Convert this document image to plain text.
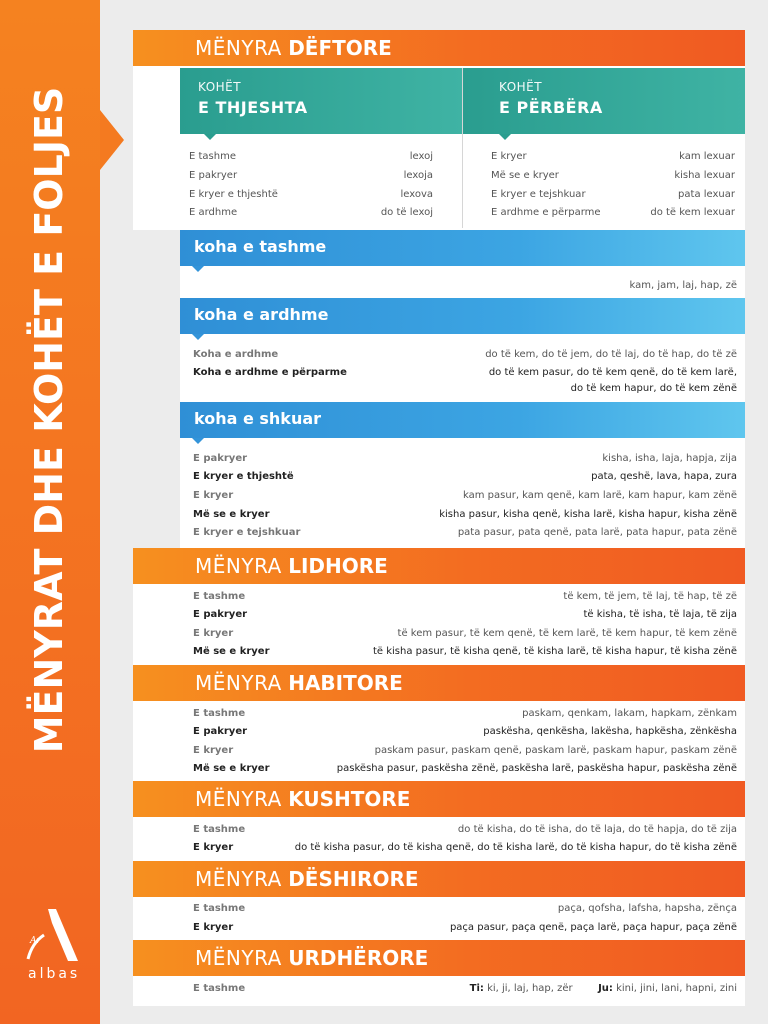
MËNYRAT DHE KOHËT E FOLJES
Ar
albas
MËNYRA DËFTORE
KOHËT
E THJESHTA
KOHËT
E PËRBËRA
E tashme	lexoj
E pakryer	lexoja
E kryer e thjeshtë	lexova
E ardhme	do të lexoj
E kryer	kam lexuar
Më se e kryer	kisha lexuar
E kryer e tejshkuar	pata lexuar
E ardhme e përparme	do të kem lexuar
koha e tashme
kam, jam, laj, hap, zë
koha e ardhme
Koha e ardhme	do të kem, do të jem, do të laj, do të hap, do të zë
Koha e ardhme e përparme	do të kem pasur, do të kem qenë, do të kem larë,
do të kem hapur, do të kem zënë
koha e shkuar
E pakryer	kisha, isha, laja, hapja, zija
E kryer e thjeshtë	pata, qeshë, lava, hapa, zura
E kryer	kam pasur, kam qenë, kam larë, kam hapur, kam zënë
Më se e kryer	kisha pasur, kisha qenë, kisha larë, kisha hapur, kisha zënë
E kryer e tejshkuar	pata pasur, pata qenë, pata larë, pata hapur, pata zënë
MËNYRA LIDHORE
E tashme	të kem, të jem, të laj, të hap, të zë
E pakryer	të kisha, të isha, të laja, të zija
E kryer	të kem pasur, të kem qenë, të kem larë, të kem hapur, të kem zënë
Më se e kryer	të kisha pasur, të kisha qenë, të kisha larë, të kisha hapur, të kisha zënë
MËNYRA HABITORE
E tashme	paskam, qenkam, lakam, hapkam, zënkam
E pakryer	paskësha, qenkësha, lakësha, hapkësha, zënkësha
E kryer	paskam pasur, paskam qenë, paskam larë, paskam hapur, paskam zënë
Më se e kryer	paskësha pasur, paskësha zënë, paskësha larë, paskësha hapur, paskësha zënë
MËNYRA KUSHTORE
E tashme	do të kisha, do të isha, do të laja, do të hapja, do të zija
E kryer	do të kisha pasur, do të kisha qenë, do të kisha larë, do të kisha hapur, do të kisha zënë
MËNYRA DËSHIRORE
E tashme	paça, qofsha, lafsha, hapsha, zënça
E kryer	paça pasur, paça qenë, paça larë, paça hapur, paça zënë
MËNYRA URDHËRORE
E tashme	Ti: ki, ji, laj, hap, zër	Ju: kini, jini, lani, hapni, zini
